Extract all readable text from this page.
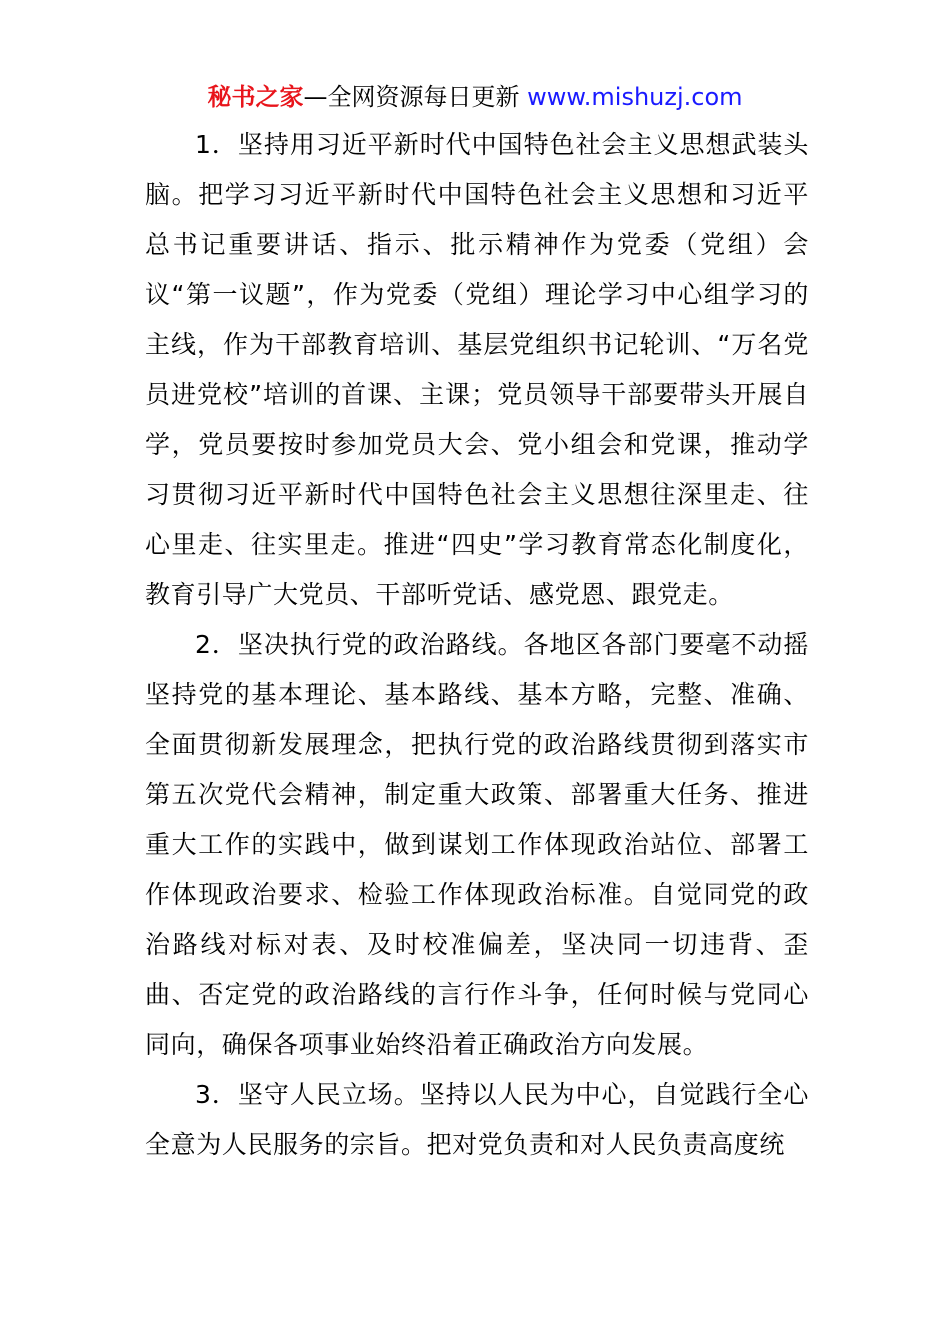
秘书之家—全网资源每日更新 www.mishuzj.com

1．坚持用习近平新时代中国特色社会主义思想武装头脑。把学习习近平新时代中国特色社会主义思想和习近平总书记重要讲话、指示、批示精神作为党委（党组）会议“第一议题”，作为党委（党组）理论学习中心组学习的主线，作为干部教育培训、基层党组织书记轮训、“万名党员进党校”培训的首课、主课；党员领导干部要带头开展自学，党员要按时参加党员大会、党小组会和党课，推动学习贯彻习近平新时代中国特色社会主义思想往深里走、往心里走、往实里走。推进“四史”学习教育常态化制度化，教育引导广大党员、干部听党话、感党恩、跟党走。

2．坚决执行党的政治路线。各地区各部门要毫不动摇坚持党的基本理论、基本路线、基本方略，完整、准确、全面贯彻新发展理念，把执行党的政治路线贯彻到落实市第五次党代会精神，制定重大政策、部署重大任务、推进重大工作的实践中，做到谋划工作体现政治站位、部署工作体现政治要求、检验工作体现政治标准。自觉同党的政治路线对标对表、及时校准偏差，坚决同一切违背、歪曲、否定党的政治路线的言行作斗争，任何时候与党同心同向，确保各项事业始终沿着正确政治方向发展。

3．坚守人民立场。坚持以人民为中心，自觉践行全心全意为人民服务的宗旨。把对党负责和对人民负责高度统
